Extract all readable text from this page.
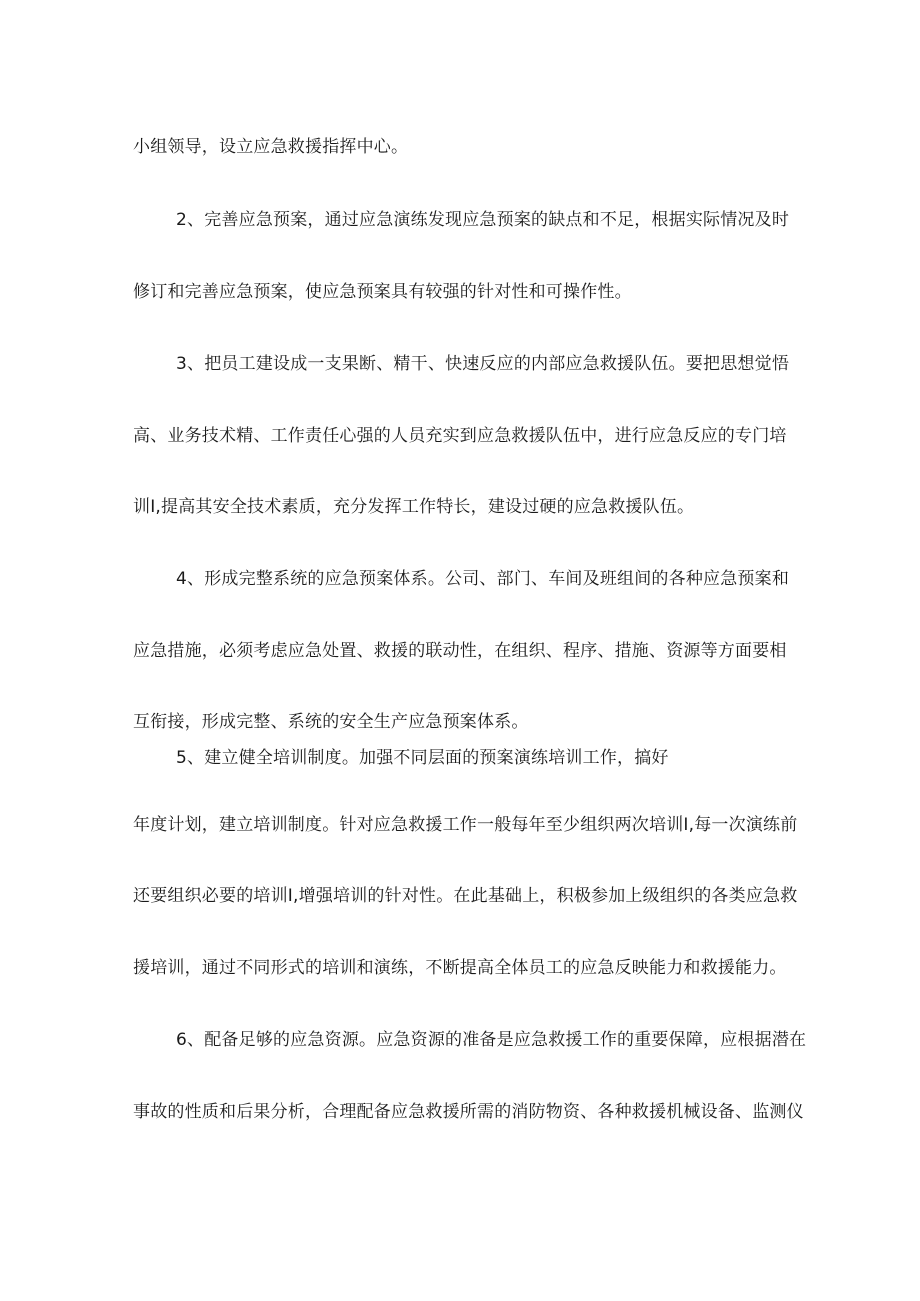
小组领导，设立应急救援指挥中心。
2、完善应急预案，通过应急演练发现应急预案的缺点和不足，根据实际情况及时
修订和完善应急预案，使应急预案具有较强的针对性和可操作性。
3、把员工建设成一支果断、精干、快速反应的内部应急救援队伍。要把思想觉悟
高、业务技术精、工作责任心强的人员充实到应急救援队伍中，进行应急反应的专门培
训I,提高其安全技术素质，充分发挥工作特长，建设过硬的应急救援队伍。
4、形成完整系统的应急预案体系。公司、部门、车间及班组间的各种应急预案和
应急措施，必须考虑应急处置、救援的联动性，在组织、程序、措施、资源等方面要相
互衔接，形成完整、系统的安全生产应急预案体系。
5、建立健全培训制度。加强不同层面的预案演练培训工作，搞好
年度计划，建立培训制度。针对应急救援工作一般每年至少组织两次培训I,每一次演练前
还要组织必要的培训I,增强培训的针对性。在此基础上，积极参加上级组织的各类应急救
援培训，通过不同形式的培训和演练，不断提高全体员工的应急反映能力和救援能力。
6、配备足够的应急资源。应急资源的准备是应急救援工作的重要保障，应根据潜在
事故的性质和后果分析，合理配备应急救援所需的消防物资、各种救援机械设备、监测仪
